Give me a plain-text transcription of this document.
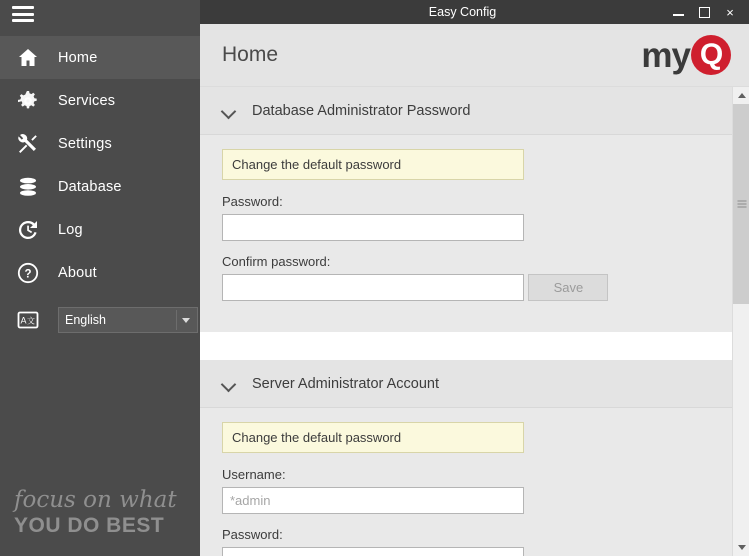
Home
Services
Settings
Database
Log
?	About
A 文 English
focus on what
YOU DO BEST
Easy Config	×
Home	my Q
Database Administrator Password
Change the default password
Password:
Confirm password:
Save
Server Administrator Account
Change the default password
Username:
*admin
Password:
